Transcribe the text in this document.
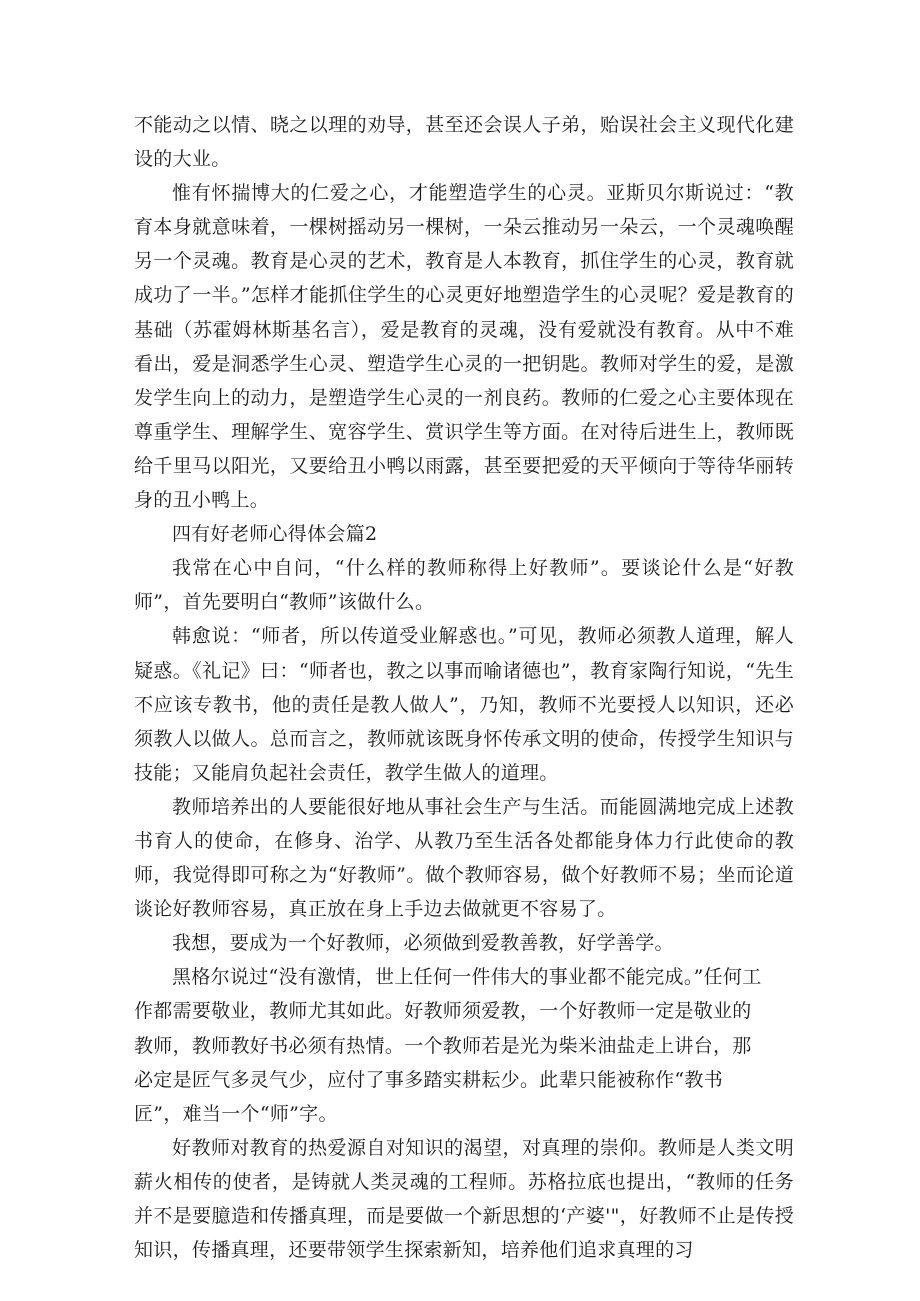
不能动之以情、晓之以理的劝导，甚至还会误人子弟，贻误社会主义现代化建设的大业。

惟有怀揣博大的仁爱之心，才能塑造学生的心灵。亚斯贝尔斯说过：“教育本身就意味着，一棵树摇动另一棵树，一朵云推动另一朵云，一个灵魂唤醒另一个灵魂。教育是心灵的艺术，教育是人本教育，抓住学生的心灵，教育就成功了一半。”怎样才能抓住学生的心灵更好地塑造学生的心灵呢？爱是教育的基础（苏霍姆林斯基名言），爱是教育的灵魂，没有爱就没有教育。从中不难看出，爱是洞悉学生心灵、塑造学生心灵的一把钥匙。教师对学生的爱，是激发学生向上的动力，是塑造学生心灵的一剂良药。教师的仁爱之心主要体现在尊重学生、理解学生、宽容学生、赏识学生等方面。在对待后进生上，教师既给千里马以阳光，又要给丑小鸭以雨露，甚至要把爱的天平倾向于等待华丽转身的丑小鸭上。

四有好老师心得体会篇2

我常在心中自问，“什么样的教师称得上好教师”。要谈论什么是“好教师”，首先要明白“教师”该做什么。

韩愈说：“师者，所以传道受业解惑也。”可见，教师必须教人道理，解人疑惑。《礼记》曰：“师者也，教之以事而喻诸德也”，教育家陶行知说，“先生不应该专教书，他的责任是教人做人”，乃知，教师不光要授人以知识，还必须教人以做人。总而言之，教师就该既身怀传承文明的使命，传授学生知识与技能；又能肩负起社会责任，教学生做人的道理。

教师培养出的人要能很好地从事社会生产与生活。而能圆满地完成上述教书育人的使命，在修身、治学、从教乃至生活各处都能身体力行此使命的教师，我觉得即可称之为“好教师”。做个教师容易，做个好教师不易；坐而论道谈论好教师容易，真正放在身上手边去做就更不容易了。

我想，要成为一个好教师，必须做到爱教善教，好学善学。

黑格尔说过“没有激情，世上任何一件伟大的事业都不能完成。”任何工作都需要敬业，教师尤其如此。好教师须爱教，一个好教师一定是敬业的教师，教师教好书必须有热情。一个教师若是光为柴米油盐走上讲台，那必定是匠气多灵气少，应付了事多踏实耕耘少。此辈只能被称作“教书匠”，难当一个“师”字。

好教师对教育的热爱源自对知识的渴望，对真理的崇仰。教师是人类文明薪火相传的使者，是铸就人类灵魂的工程师。苏格拉底也提出，“教师的任务并不是要臆造和传播真理，而是要做一个新思想的‘产婆'"，好教师不止是传授知识，传播真理，还要带领学生探索新知，培养他们追求真理的习
